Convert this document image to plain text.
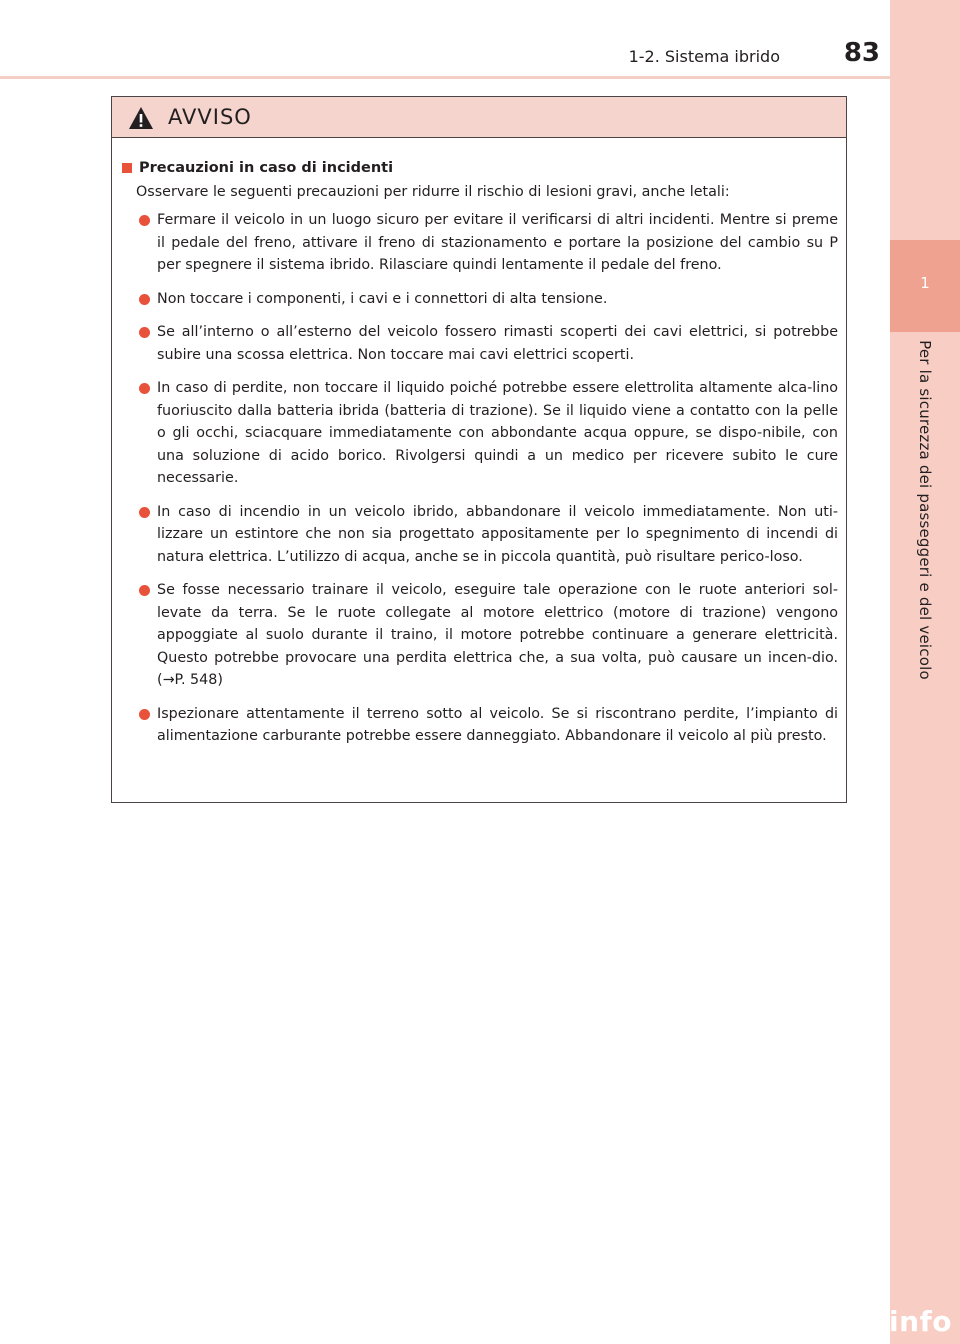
1-2. Sistema ibrido 83
1
Per la sicurezza dei passeggeri e del veicolo
AVVISO
Precauzioni in caso di incidenti
Osservare le seguenti precauzioni per ridurre il rischio di lesioni gravi, anche letali:
Fermare il veicolo in un luogo sicuro per evitare il verificarsi di altri incidenti. Mentre si preme il pedale del freno, attivare il freno di stazionamento e portare la posizione del cambio su P per spegnere il sistema ibrido. Rilasciare quindi lentamente il pedale del freno.
Non toccare i componenti, i cavi e i connettori di alta tensione.
Se all’interno o all’esterno del veicolo fossero rimasti scoperti dei cavi elettrici, si potrebbe subire una scossa elettrica. Non toccare mai cavi elettrici scoperti.
In caso di perdite, non toccare il liquido poiché potrebbe essere elettrolita altamente alca-lino fuoriuscito dalla batteria ibrida (batteria di trazione). Se il liquido viene a contatto con la pelle o gli occhi, sciacquare immediatamente con abbondante acqua oppure, se dispo-nibile, con una soluzione di acido borico. Rivolgersi quindi a un medico per ricevere subito le cure necessarie.
In caso di incendio in un veicolo ibrido, abbandonare il veicolo immediatamente. Non uti-lizzare un estintore che non sia progettato appositamente per lo spegnimento di incendi di natura elettrica. L’utilizzo di acqua, anche se in piccola quantità, può risultare perico-loso.
Se fosse necessario trainare il veicolo, eseguire tale operazione con le ruote anteriori sol-levate da terra. Se le ruote collegate al motore elettrico (motore di trazione) vengono appoggiate al suolo durante il traino, il motore potrebbe continuare a generare elettricità. Questo potrebbe provocare una perdita elettrica che, a sua volta, può causare un incen-dio. (→P. 548)
Ispezionare attentamente il terreno sotto al veicolo. Se si riscontrano perdite, l’impianto di alimentazione carburante potrebbe essere danneggiato. Abbandonare il veicolo al più presto.
carmanualsonline.info
